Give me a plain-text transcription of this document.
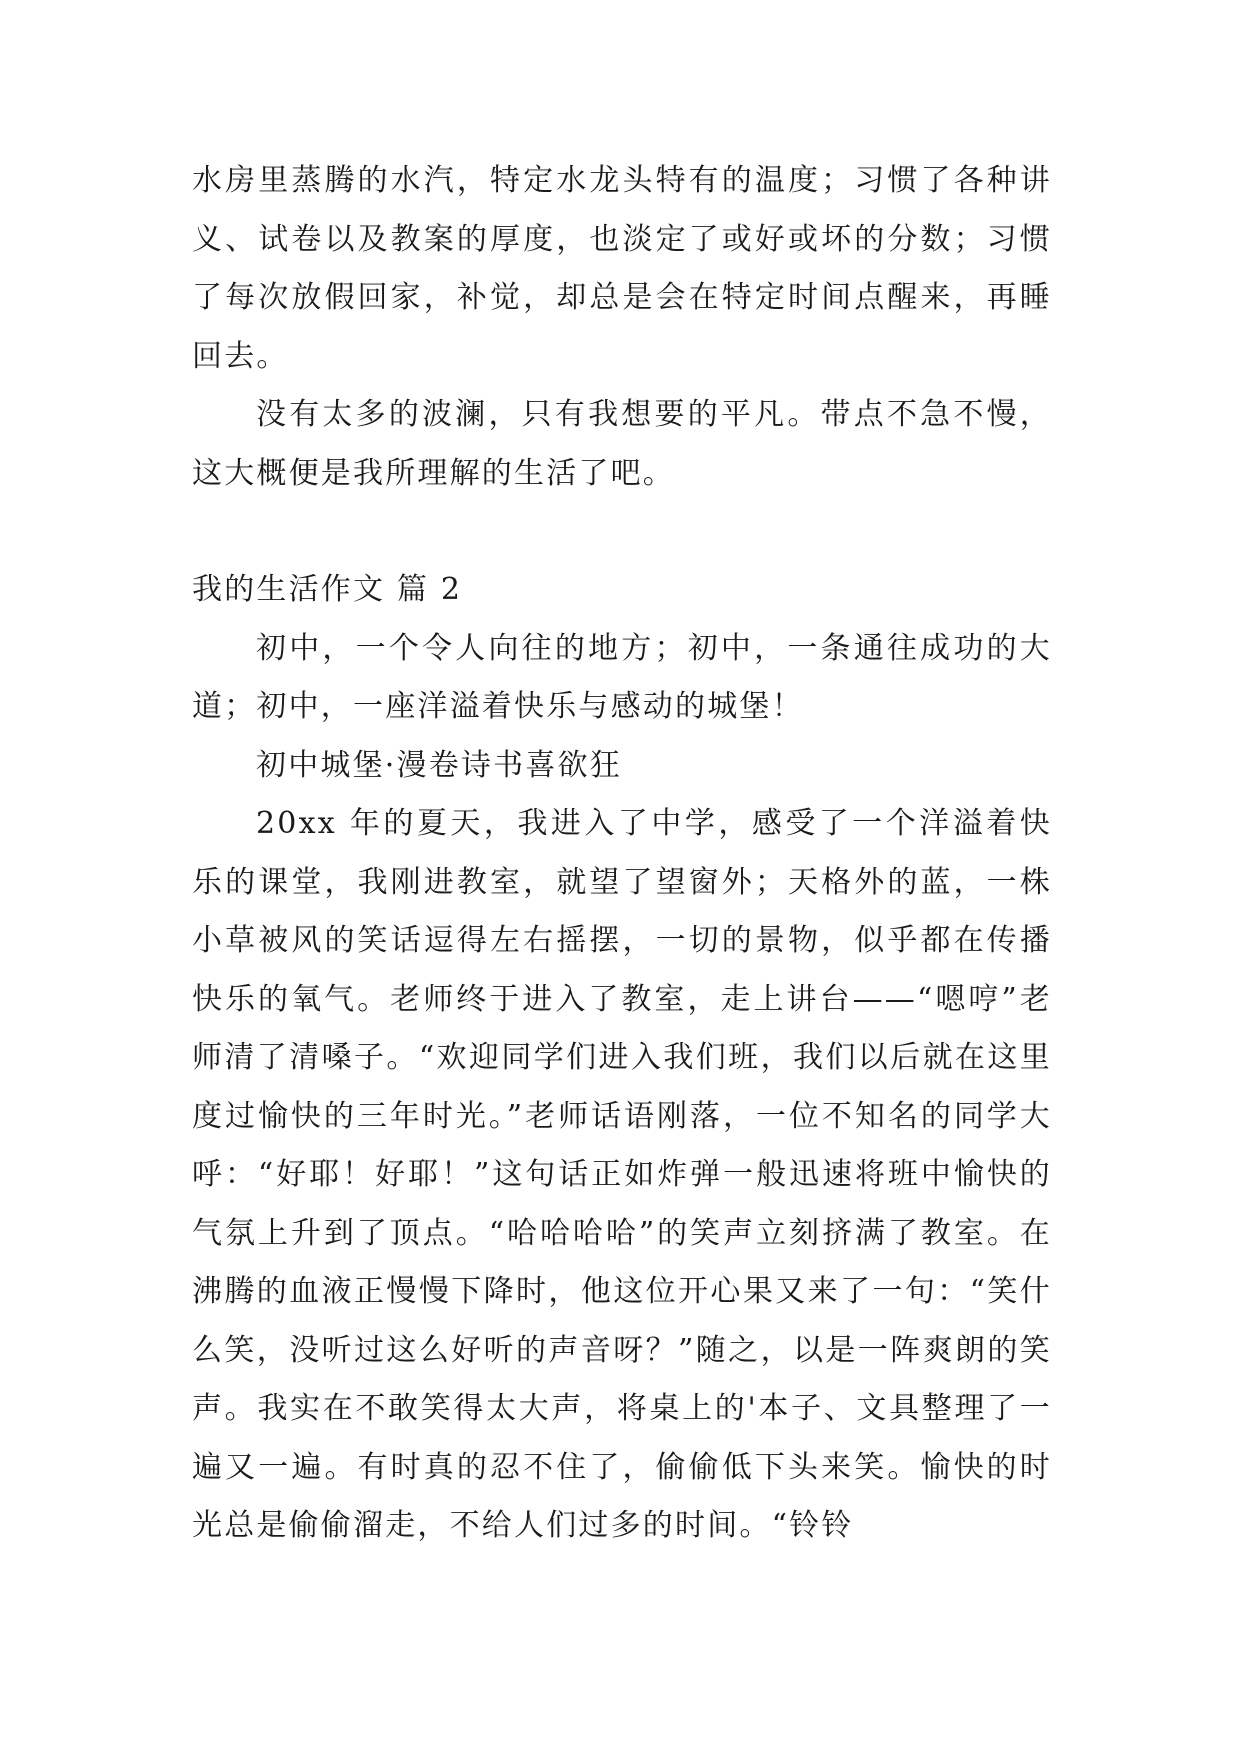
水房里蒸腾的水汽，特定水龙头特有的温度；习惯了各种讲义、试卷以及教案的厚度，也淡定了或好或坏的分数；习惯了每次放假回家，补觉，却总是会在特定时间点醒来，再睡回去。

没有太多的波澜，只有我想要的平凡。带点不急不慢，这大概便是我所理解的生活了吧。

我的生活作文 篇 2

初中，一个令人向往的地方；初中，一条通往成功的大道；初中，一座洋溢着快乐与感动的城堡！

初中城堡·漫卷诗书喜欲狂

20xx 年的夏天，我进入了中学，感受了一个洋溢着快乐的课堂，我刚进教室，就望了望窗外；天格外的蓝，一株小草被风的笑话逗得左右摇摆，一切的景物，似乎都在传播快乐的氧气。老师终于进入了教室，走上讲台——“嗯哼”老师清了清嗓子。“欢迎同学们进入我们班，我们以后就在这里度过愉快的三年时光。”老师话语刚落，一位不知名的同学大呼：“好耶！好耶！”这句话正如炸弹一般迅速将班中愉快的气氛上升到了顶点。“哈哈哈哈”的笑声立刻挤满了教室。在沸腾的血液正慢慢下降时，他这位开心果又来了一句：“笑什么笑，没听过这么好听的声音呀？”随之，以是一阵爽朗的笑声。我实在不敢笑得太大声，将桌上的'本子、文具整理了一遍又一遍。有时真的忍不住了，偷偷低下头来笑。愉快的时光总是偷偷溜走，不给人们过多的时间。“铃铃
